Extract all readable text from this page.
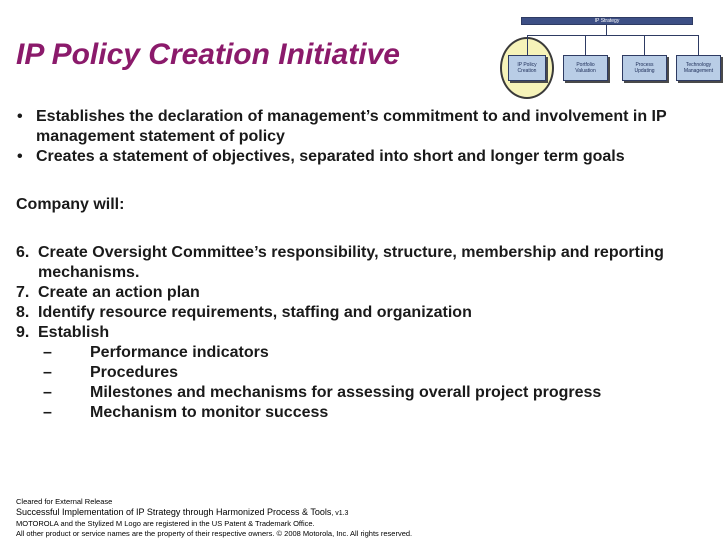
IP Policy Creation Initiative
IP Strategy
IP Policy Creation
Portfolio Valuation
Process Updating
Technology Management
• Establishes the declaration of management’s commitment to and involvement in IP management statement of policy
• Creates a statement of objectives, separated into short and longer term goals

Company will:

6. Create Oversight Committee’s responsibility, structure, membership and reporting mechanisms.
7. Create an action plan
8. Identify resource requirements, staffing and organization
9. Establish
– Performance indicators
– Procedures
– Milestones and mechanisms for assessing overall project progress
– Mechanism to monitor success
Cleared for External Release
Successful Implementation of IP Strategy through Harmonized Process & Tools, v1.3
MOTOROLA and the Stylized M Logo are registered in the US Patent & Trademark Office.
All other product or service names are the property of their respective owners. © 2008 Motorola, Inc. All rights reserved.
